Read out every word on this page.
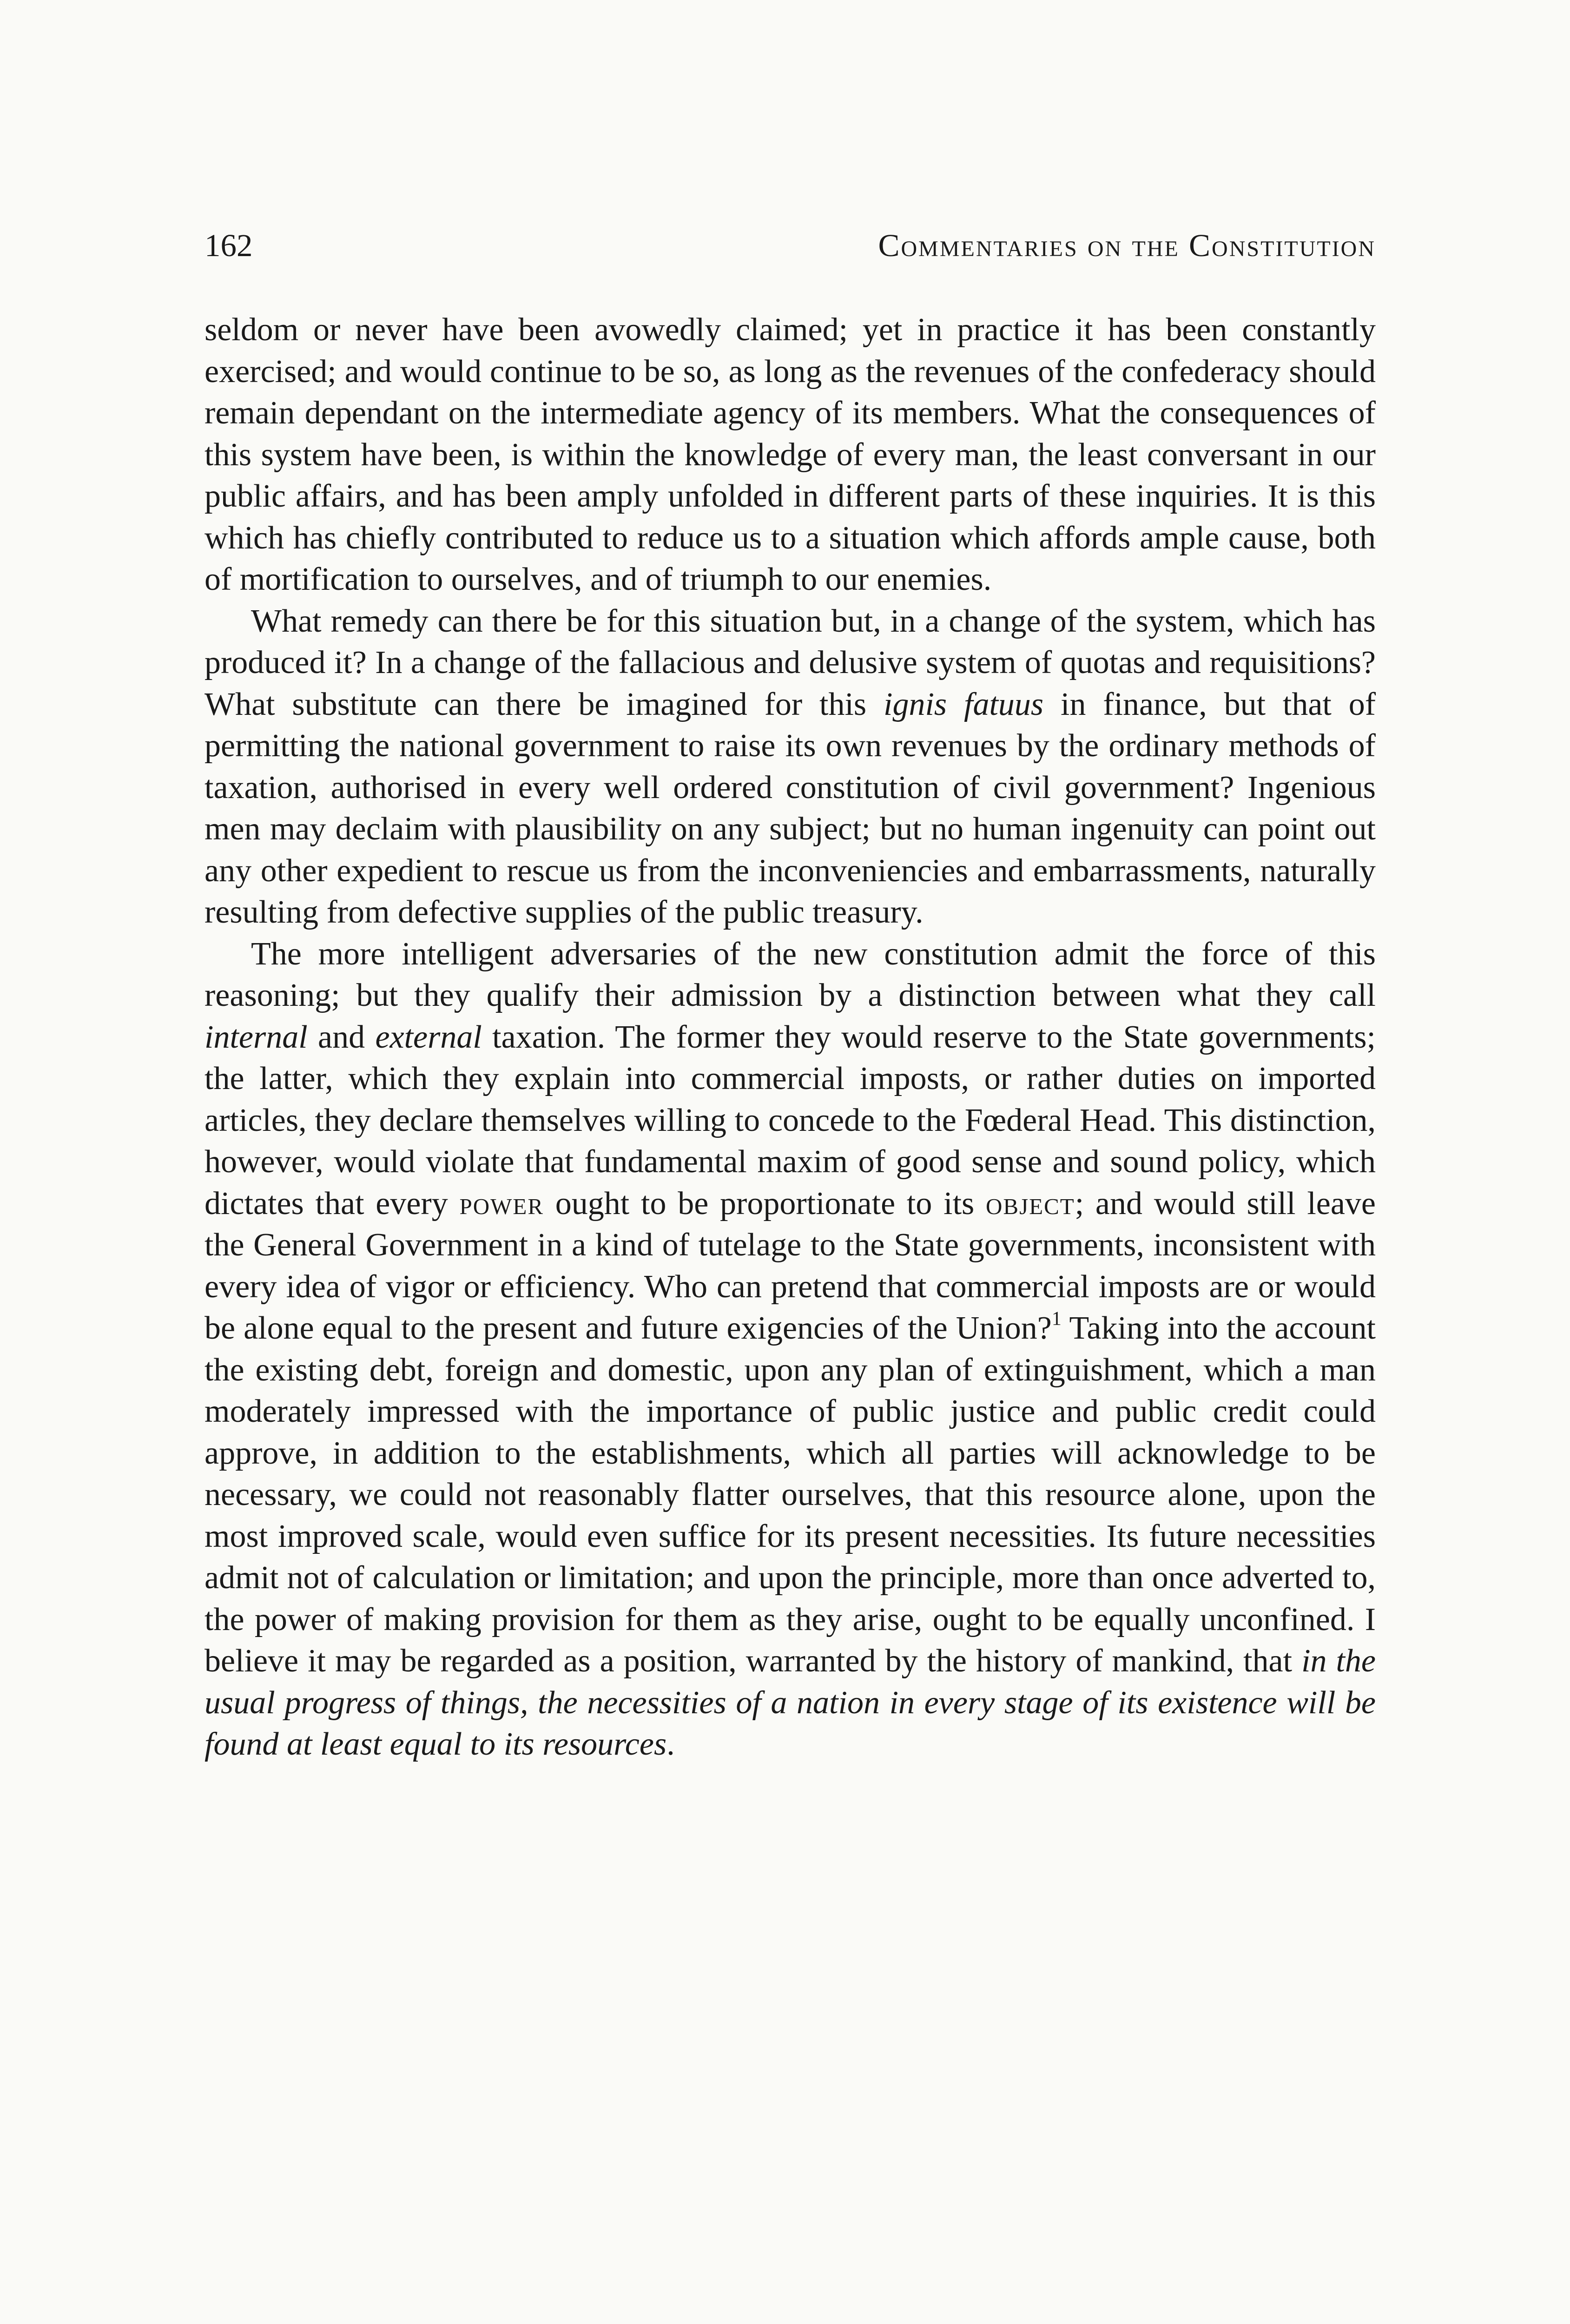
162	Commentaries on the Constitution

seldom or never have been avowedly claimed; yet in practice it has been constantly exercised; and would continue to be so, as long as the revenues of the confederacy should remain dependant on the intermediate agency of its members. What the consequences of this system have been, is within the knowledge of every man, the least conversant in our public affairs, and has been amply unfolded in different parts of these inquiries. It is this which has chiefly contributed to reduce us to a situation which affords ample cause, both of mortification to ourselves, and of triumph to our enemies.

What remedy can there be for this situation but, in a change of the system, which has produced it? In a change of the fallacious and delusive system of quotas and requisitions? What substitute can there be imagined for this ignis fatuus in finance, but that of permitting the national government to raise its own revenues by the ordinary methods of taxation, authorised in every well ordered constitution of civil government? Ingenious men may declaim with plausibility on any subject; but no human ingenuity can point out any other expedient to rescue us from the inconveniencies and embarrassments, naturally resulting from defective supplies of the public treasury.

The more intelligent adversaries of the new constitution admit the force of this reasoning; but they qualify their admission by a distinction between what they call internal and external taxation. The former they would reserve to the State governments; the latter, which they explain into commercial imposts, or rather duties on imported articles, they declare themselves willing to concede to the Fœderal Head. This distinction, however, would violate that fundamental maxim of good sense and sound policy, which dictates that every power ought to be proportionate to its object; and would still leave the General Government in a kind of tutelage to the State governments, inconsistent with every idea of vigor or efficiency. Who can pretend that commercial imposts are or would be alone equal to the present and future exigencies of the Union?$^1$ Taking into the account the existing debt, foreign and domestic, upon any plan of extinguishment, which a man moderately impressed with the importance of public justice and public credit could approve, in addition to the establishments, which all parties will acknowledge to be necessary, we could not reasonably flatter ourselves, that this resource alone, upon the most improved scale, would even suffice for its present necessities. Its future necessities admit not of calculation or limitation; and upon the principle, more than once adverted to, the power of making provision for them as they arise, ought to be equally unconfined. I believe it may be regarded as a position, warranted by the history of mankind, that in the usual progress of things, the necessities of a nation in every stage of its existence will be found at least equal to its resources.
